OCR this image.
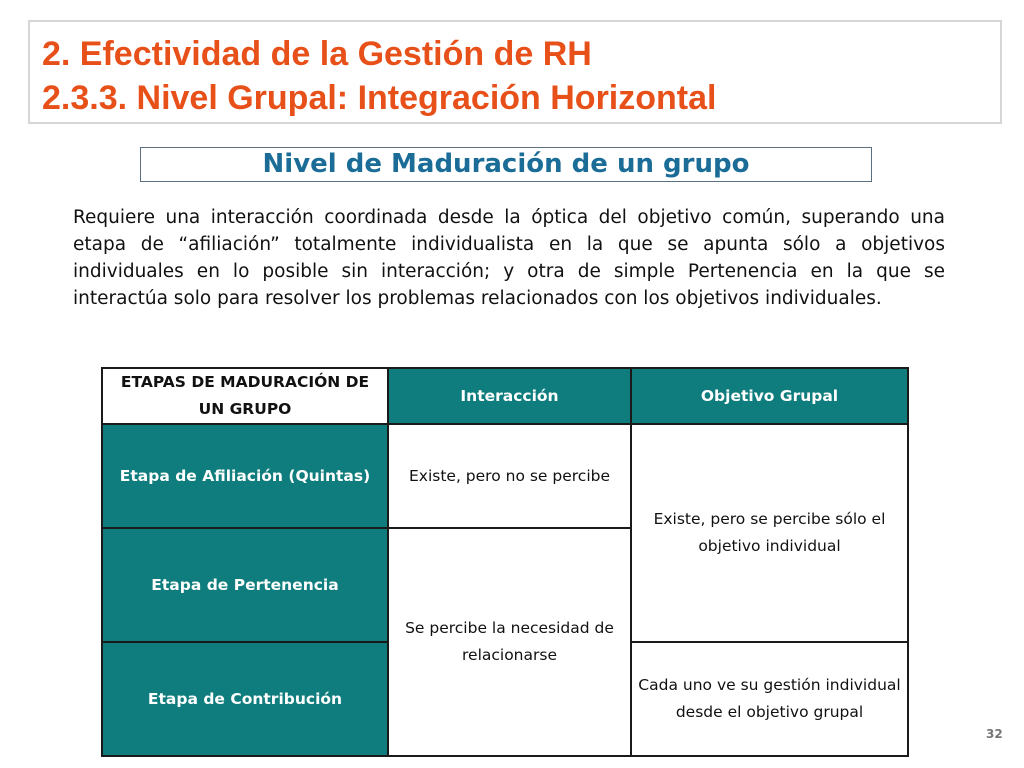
2. Efectividad de la Gestión de RH
2.3.3. Nivel Grupal: Integración Horizontal
Nivel de Maduración de un grupo
Requiere una interacción coordinada desde la óptica del objetivo común, superando una etapa de “afiliación” totalmente individualista en la que se apunta sólo a objetivos individuales en lo posible sin interacción; y otra de simple Pertenencia en la que se interactúa solo para resolver los problemas relacionados con los objetivos individuales.
ETAPAS DE MADURACIÓN DE UN GRUPO	Interacción	Objetivo Grupal

Etapa de Afiliación (Quintas)	Existe, pero no se percibe	Existe, pero se percibe sólo el objetivo individual

Etapa de Pertenencia	Se percibe la necesidad de relacionarse	

Etapa de Contribución		Cada uno ve su gestión individual desde el objetivo grupal
32
